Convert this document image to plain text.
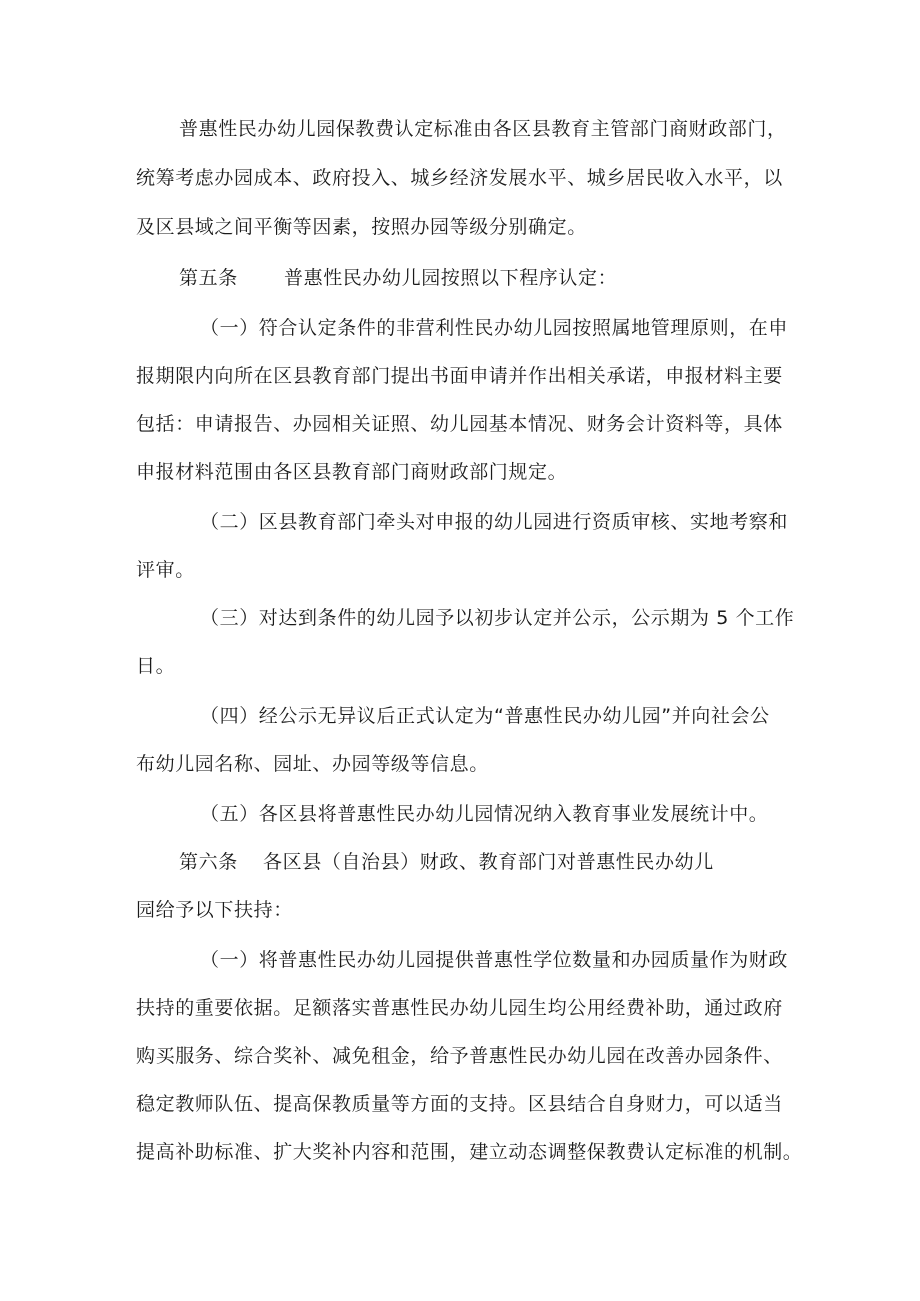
普惠性民办幼儿园保教费认定标准由各区县教育主管部门商财政部门，
统筹考虑办园成本、政府投入、城乡经济发展水平、城乡居民收入水平，以
及区县域之间平衡等因素，按照办园等级分别确定。
第五条 普惠性民办幼儿园按照以下程序认定：
（一）符合认定条件的非营利性民办幼儿园按照属地管理原则，在申
报期限内向所在区县教育部门提出书面申请并作出相关承诺，申报材料主要
包括：申请报告、办园相关证照、幼儿园基本情况、财务会计资料等，具体
申报材料范围由各区县教育部门商财政部门规定。
（二）区县教育部门牵头对申报的幼儿园进行资质审核、实地考察和
评审。
（三）对达到条件的幼儿园予以初步认定并公示，公示期为 5 个工作
日。
（四）经公示无异议后正式认定为“普惠性民办幼儿园”并向社会公
布幼儿园名称、园址、办园等级等信息。
（五）各区县将普惠性民办幼儿园情况纳入教育事业发展统计中。
第六条 各区县（自治县）财政、教育部门对普惠性民办幼儿
园给予以下扶持：
（一）将普惠性民办幼儿园提供普惠性学位数量和办园质量作为财政
扶持的重要依据。足额落实普惠性民办幼儿园生均公用经费补助，通过政府
购买服务、综合奖补、减免租金，给予普惠性民办幼儿园在改善办园条件、
稳定教师队伍、提高保教质量等方面的支持。区县结合自身财力，可以适当
提高补助标准、扩大奖补内容和范围，建立动态调整保教费认定标准的机制。
